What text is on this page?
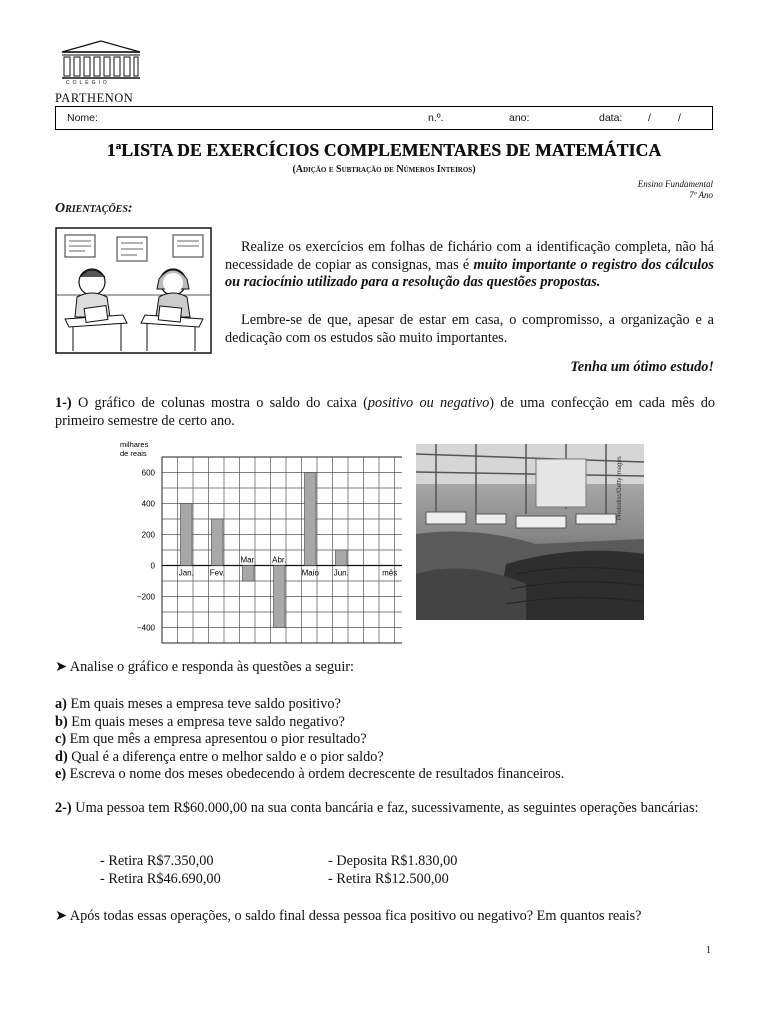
COLÉGIO
PARTHENON
Nome:	n.º.	ano:	data: /	/
1ªLISTA DE EXERCÍCIOS COMPLEMENTARES DE MATEMÁTICA
(Adição e Subtração de Números Inteiros)
Ensino Fundamental
7º Ano
Orientações:
Realize os exercícios em folhas de fichário com a identificação completa, não há necessidade de copiar as consignas, mas é muito importante o registro dos cálculos ou raciocínio utilizado para a resolução das questões propostas.
Lembre-se de que, apesar de estar em casa, o compromisso, a organização e a dedicação com os estudos são muito importantes.
Tenha um ótimo estudo!
1-) O gráfico de colunas mostra o saldo do caixa (positivo ou negativo) de uma confecção em cada mês do primeiro semestre de certo ano.
milhares
de reais
600
400
200
0
−200
−400
Jan. Fev.
Mar. Abr.
Maio Jun.	mês
Photodisc/Getty Images
➤ Analise o gráfico e responda às questões a seguir:
a) Em quais meses a empresa teve saldo positivo?
b) Em quais meses a empresa teve saldo negativo?
c) Em que mês a empresa apresentou o pior resultado?
d) Qual é a diferença entre o melhor saldo e o pior saldo?
e) Escreva o nome dos meses obedecendo à ordem decrescente de resultados financeiros.
2-) Uma pessoa tem R$60.000,00 na sua conta bancária e faz, sucessivamente, as seguintes operações bancárias:
- Retira R$7.350,00
- Retira R$46.690,00
- Deposita R$1.830,00
- Retira R$12.500,00
➤ Após todas essas operações, o saldo final dessa pessoa fica positivo ou negativo? Em quantos reais?
1
